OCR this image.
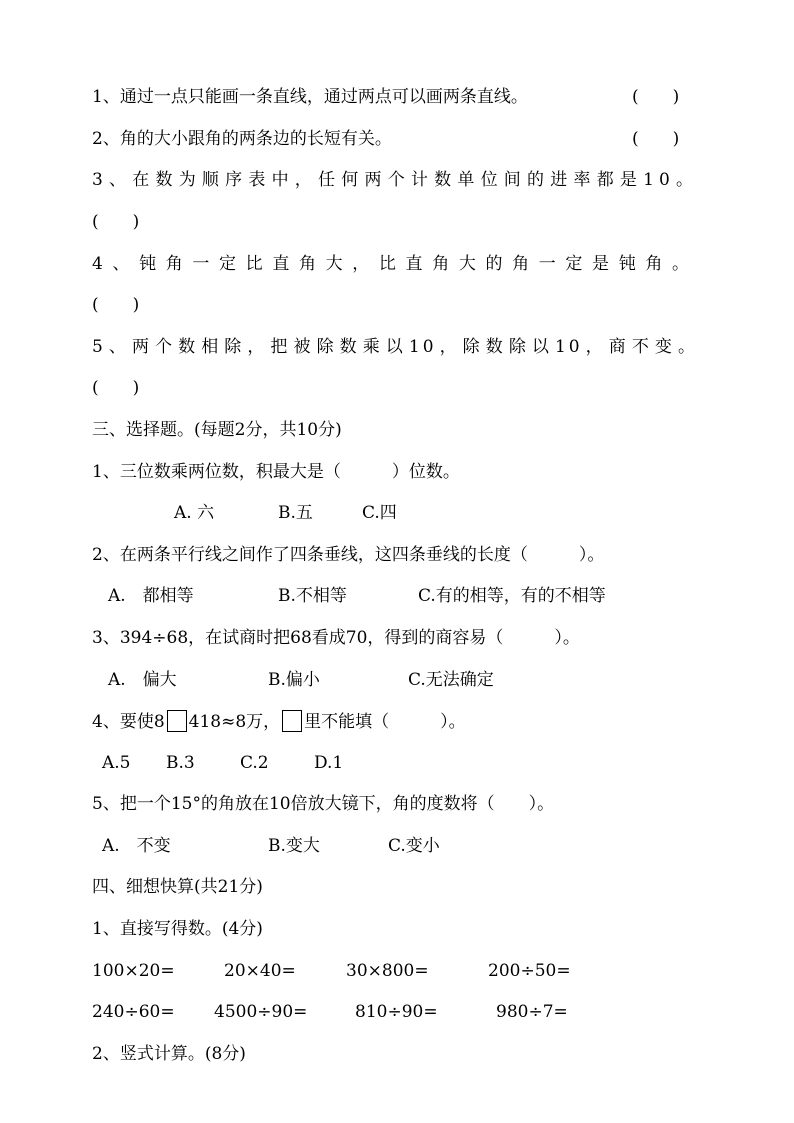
1、通过一点只能画一条直线，通过两点可以画两条直线。	(　　)
2、角的大小跟角的两条边的长短有关。	(　　)
3、在数为顺序表中，任何两个计数单位间的进率都是10。
(　　)
4、钝角一定比直角大，比直角大的角一定是钝角。
(　　)
5、两个数相除，把被除数乘以10，除数除以10，商不变。
(　　)
三、选择题。(每题2分，共10分)
1、三位数乘两位数，积最大是（　　　）位数。
A. 六	B.五	C.四
2、在两条平行线之间作了四条垂线，这四条垂线的长度（　　　）。
A.　都相等	B.不相等	C.有的相等，有的不相等
3、394÷68，在试商时把68看成70，得到的商容易（　　　）。
A.　偏大	B.偏小	C.无法确定
4、要使8 418≈8万， 里不能填（　　　）。
A.5 B.3	C.2	D.1
5、把一个15°的角放在10倍放大镜下，角的度数将（　　）。
A.　不变	B.变大	C.变小
四、细想快算(共21分)
1、直接写得数。(4分)
100×20=	20×40=	30×800=	200÷50=
240÷60= 4500÷90=	810÷90=	980÷7=
2、竖式计算。(8分)
